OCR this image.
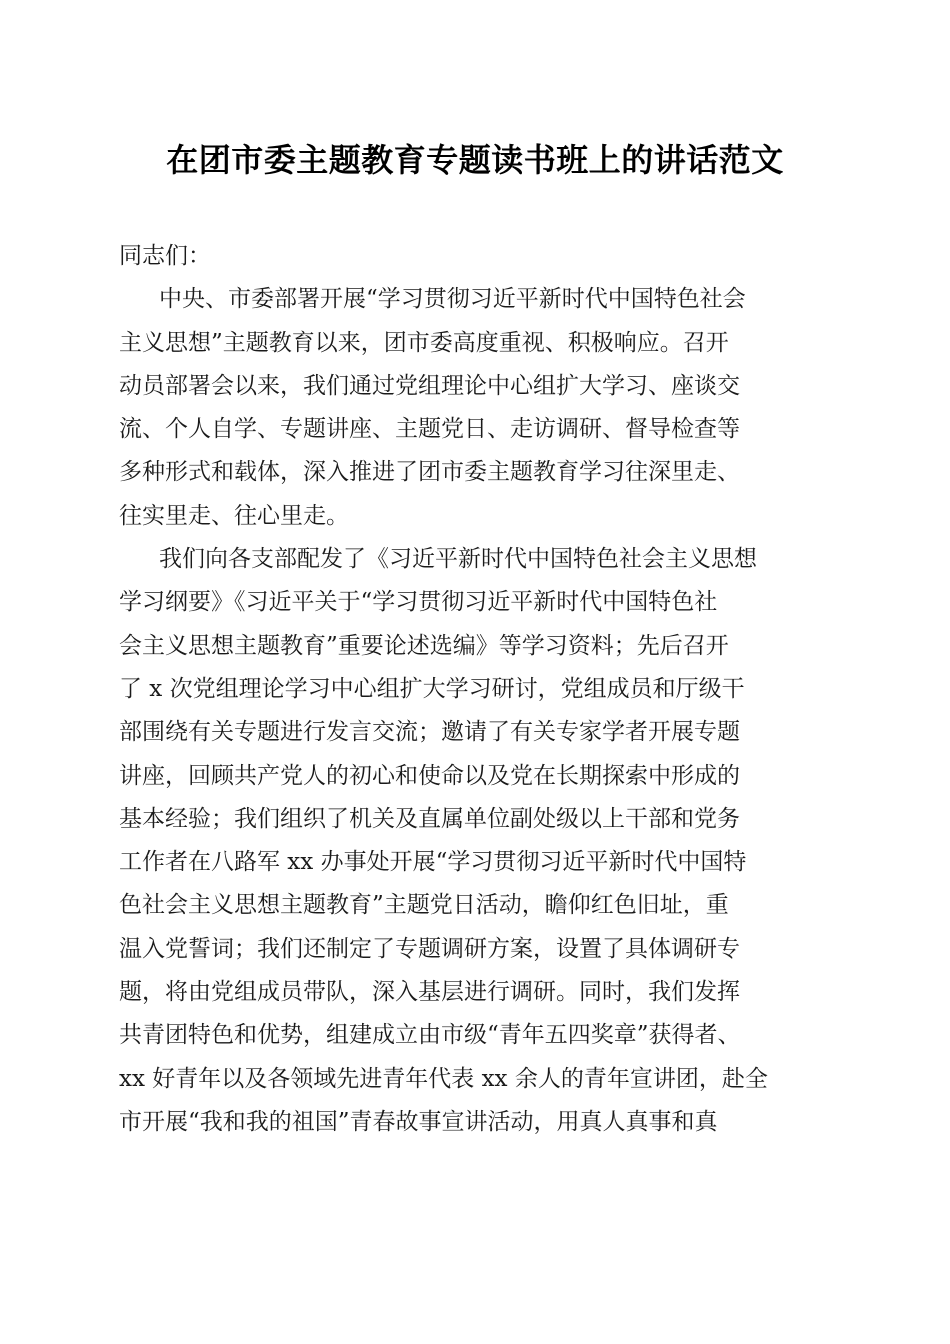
在团市委主题教育专题读书班上的讲话范文
同志们：
中央、市委部署开展“学习贯彻习近平新时代中国特色社会
主义思想”主题教育以来，团市委高度重视、积极响应。召开
动员部署会以来，我们通过党组理论中心组扩大学习、座谈交
流、个人自学、专题讲座、主题党日、走访调研、督导检查等
多种形式和载体，深入推进了团市委主题教育学习往深里走、
往实里走、往心里走。
我们向各支部配发了《习近平新时代中国特色社会主义思想
学习纲要》《习近平关于“学习贯彻习近平新时代中国特色社
会主义思想主题教育”重要论述选编》等学习资料；先后召开
了 x 次党组理论学习中心组扩大学习研讨，党组成员和厅级干
部围绕有关专题进行发言交流；邀请了有关专家学者开展专题
讲座，回顾共产党人的初心和使命以及党在长期探索中形成的
基本经验；我们组织了机关及直属单位副处级以上干部和党务
工作者在八路军 xx 办事处开展“学习贯彻习近平新时代中国特
色社会主义思想主题教育”主题党日活动，瞻仰红色旧址，重
温入党誓词；我们还制定了专题调研方案，设置了具体调研专
题，将由党组成员带队，深入基层进行调研。同时，我们发挥
共青团特色和优势，组建成立由市级“青年五四奖章”获得者、
xx 好青年以及各领域先进青年代表 xx 余人的青年宣讲团，赴全
市开展“我和我的祖国”青春故事宣讲活动，用真人真事和真
